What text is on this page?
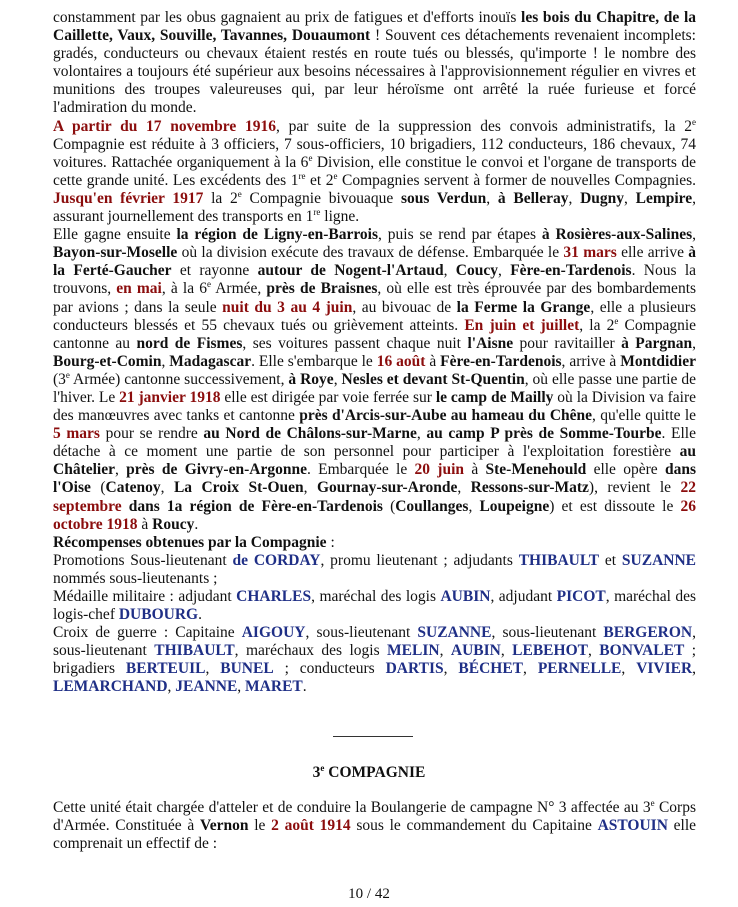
constamment par les obus gagnaient au prix de fatigues et d'efforts inouïs les bois du Chapitre, de la Caillette, Vaux, Souville, Tavannes, Douaumont ! Souvent ces détachements revenaient incomplets: gradés, conducteurs ou chevaux étaient restés en route tués ou blessés, qu'importe ! le nombre des volontaires a toujours été supérieur aux besoins nécessaires à l'approvisionnement régulier en vivres et munitions des troupes valeureuses qui, par leur héroïsme ont arrêté la ruée furieuse et forcé l'admiration du monde.

A partir du 17 novembre 1916, par suite de la suppression des convois administratifs, la 2e Compagnie est réduite à 3 officiers, 7 sous-officiers, 10 brigadiers, 112 conducteurs, 186 chevaux, 74 voitures. Rattachée organiquement à la 6e Division, elle constitue le convoi et l'organe de transports de cette grande unité. Les excédents des 1re et 2e Compagnies servent à former de nouvelles Compagnies. Jusqu'en février 1917 la 2e Compagnie bivouaque sous Verdun, à Belleray, Dugny, Lempire, assurant journellement des transports en 1re ligne.

Elle gagne ensuite la région de Ligny-en-Barrois, puis se rend par étapes à Rosières-aux-Salines, Bayon-sur-Moselle où la division exécute des travaux de défense. Embarquée le 31 mars elle arrive à la Ferté-Gaucher et rayonne autour de Nogent-l'Artaud, Coucy, Fère-en-Tardenois. Nous la trouvons, en mai, à la 6e Armée, près de Braisnes, où elle est très éprouvée par des bombardements par avions ; dans la seule nuit du 3 au 4 juin, au bivouac de la Ferme la Grange, elle a plusieurs conducteurs blessés et 55 chevaux tués ou grièvement atteints. En juin et juillet, la 2e Compagnie cantonne au nord de Fismes, ses voitures passent chaque nuit l'Aisne pour ravitailler à Pargnan, Bourg-et-Comin, Madagascar. Elle s'embarque le 16 août à Fère-en-Tardenois, arrive à Montdidier (3e Armée) cantonne successivement, à Roye, Nesles et devant St-Quentin, où elle passe une partie de l'hiver. Le 21 janvier 1918 elle est dirigée par voie ferrée sur le camp de Mailly où la Division va faire des manœuvres avec tanks et cantonne près d'Arcis-sur-Aube au hameau du Chêne, qu'elle quitte le 5 mars pour se rendre au Nord de Châlons-sur-Marne, au camp P près de Somme-Tourbe. Elle détache à ce moment une partie de son personnel pour participer à l'exploitation forestière au Châtelier, près de Givry-en-Argonne. Embarquée le 20 juin à Ste-Menehould elle opère dans l'Oise (Catenoy, La Croix St-Ouen, Gournay-sur-Aronde, Ressons-sur-Matz), revient le 22 septembre dans 1a région de Fère-en-Tardenois (Coullanges, Loupeigne) et est dissoute le 26 octobre 1918 à Roucy.

Récompenses obtenues par la Compagnie :

Promotions Sous-lieutenant de CORDAY, promu lieutenant ; adjudants THIBAULT et SUZANNE nommés sous-lieutenants ;

Médaille militaire : adjudant CHARLES, maréchal des logis AUBIN, adjudant PICOT, maréchal des logis-chef DUBOURG.

Croix de guerre : Capitaine AIGOUY, sous-lieutenant SUZANNE, sous-lieutenant BERGERON, sous-lieutenant THIBAULT, maréchaux des logis MELIN, AUBIN, LEBEHOT, BONVALET ; brigadiers BERTEUIL, BUNEL ; conducteurs DARTIS, BÉCHET, PERNELLE, VIVIER, LEMARCHAND, JEANNE, MARET.

3e COMPAGNIE

Cette unité était chargée d'atteler et de conduire la Boulangerie de campagne N° 3 affectée au 3e Corps d'Armée. Constituée à Vernon le 2 août 1914 sous le commandement du Capitaine ASTOUIN elle comprenait un effectif de :

10 / 42
